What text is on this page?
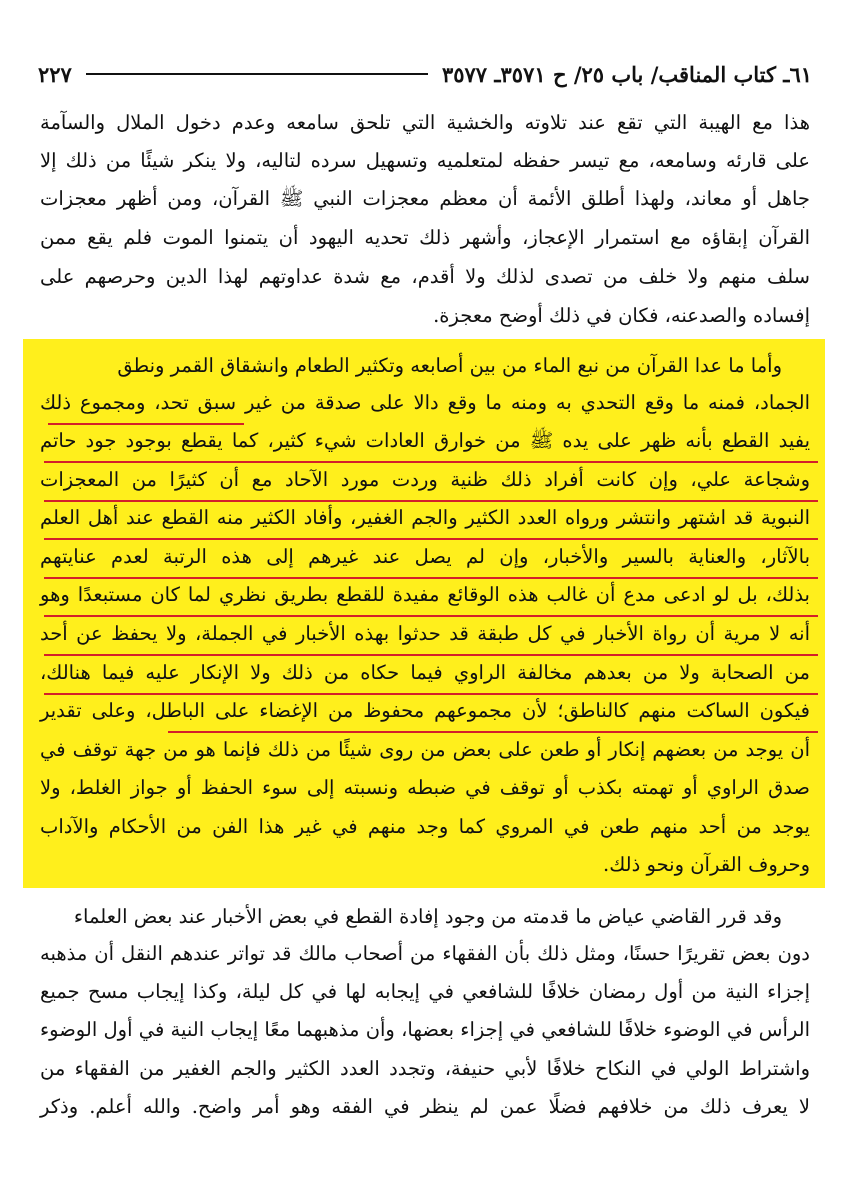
٦١ـ كتاب المناقب/ باب ٢٥/ ح ٣٥٧١ـ ٣٥٧٧
٢٢٧
هذا مع الهيبة التي تقع عند تلاوته والخشية التي تلحق سامعه وعدم دخول الملال والسآمة
على قارئه وسامعه، مع تيسر حفظه لمتعلميه وتسهيل سرده لتاليه، ولا ينكر شيئًا من ذلك إلا
جاهل أو معاند، ولهذا أطلق الأئمة أن معظم معجزات النبي ﷺ القرآن، ومن أظهر معجزات
القرآن إبقاؤه مع استمرار الإعجاز، وأشهر ذلك تحديه اليهود أن يتمنوا الموت فلم يقع ممن
سلف منهم ولا خلف من تصدى لذلك ولا أقدم، مع شدة عداوتهم لهذا الدين وحرصهم على
إفساده والصدعنه، فكان في ذلك أوضح معجزة.
وأما ما عدا القرآن من نبع الماء من بين أصابعه وتكثير الطعام وانشقاق القمر ونطق
الجماد، فمنه ما وقع التحدي به ومنه ما وقع دالا على صدقة من غير سبق تحد، ومجموع ذلك
يفيد القطع بأنه ظهر على يده ﷺ من خوارق العادات شيء كثير، كما يقطع بوجود جود حاتم
وشجاعة علي، وإن كانت أفراد ذلك ظنية وردت مورد الآحاد مع أن كثيرًا من المعجزات
النبوية قد اشتهر وانتشر ورواه العدد الكثير والجم الغفير، وأفاد الكثير منه القطع عند أهل العلم
بالآثار، والعناية بالسير والأخبار، وإن لم يصل عند غيرهم إلى هذه الرتبة لعدم عنايتهم
بذلك، بل لو ادعى مدع أن غالب هذه الوقائع مفيدة للقطع بطريق نظري لما كان مستبعدًا وهو
أنه لا مرية أن رواة الأخبار في كل طبقة قد حدثوا بهذه الأخبار في الجملة، ولا يحفظ عن أحد
من الصحابة ولا من بعدهم مخالفة الراوي فيما حكاه من ذلك ولا الإنكار عليه فيما هنالك،
فيكون الساكت منهم كالناطق؛ لأن مجموعهم محفوظ من الإغضاء على الباطل، وعلى تقدير
أن يوجد من بعضهم إنكار أو طعن على بعض من روى شيئًا من ذلك فإنما هو من جهة توقف في
صدق الراوي أو تهمته بكذب أو توقف في ضبطه ونسبته إلى سوء الحفظ أو جواز الغلط، ولا
يوجد من أحد منهم طعن في المروي كما وجد منهم في غير هذا الفن من الأحكام والآداب
وحروف القرآن ونحو ذلك.
وقد قرر القاضي عياض ما قدمته من وجود إفادة القطع في بعض الأخبار عند بعض العلماء
دون بعض تقريرًا حسنًا، ومثل ذلك بأن الفقهاء من أصحاب مالك قد تواتر عندهم النقل أن مذهبه
إجزاء النية من أول رمضان خلافًا للشافعي في إيجابه لها في كل ليلة، وكذا إيجاب مسح جميع
الرأس في الوضوء خلافًا للشافعي في إجزاء بعضها، وأن مذهبهما معًا إيجاب النية في أول الوضوء
واشتراط الولي في النكاح خلافًا لأبي حنيفة، وتجدد العدد الكثير والجم الغفير من الفقهاء من
لا يعرف ذلك من خلافهم فضلًا عمن لم ينظر في الفقه وهو أمر واضح. والله أعلم. وذكر
